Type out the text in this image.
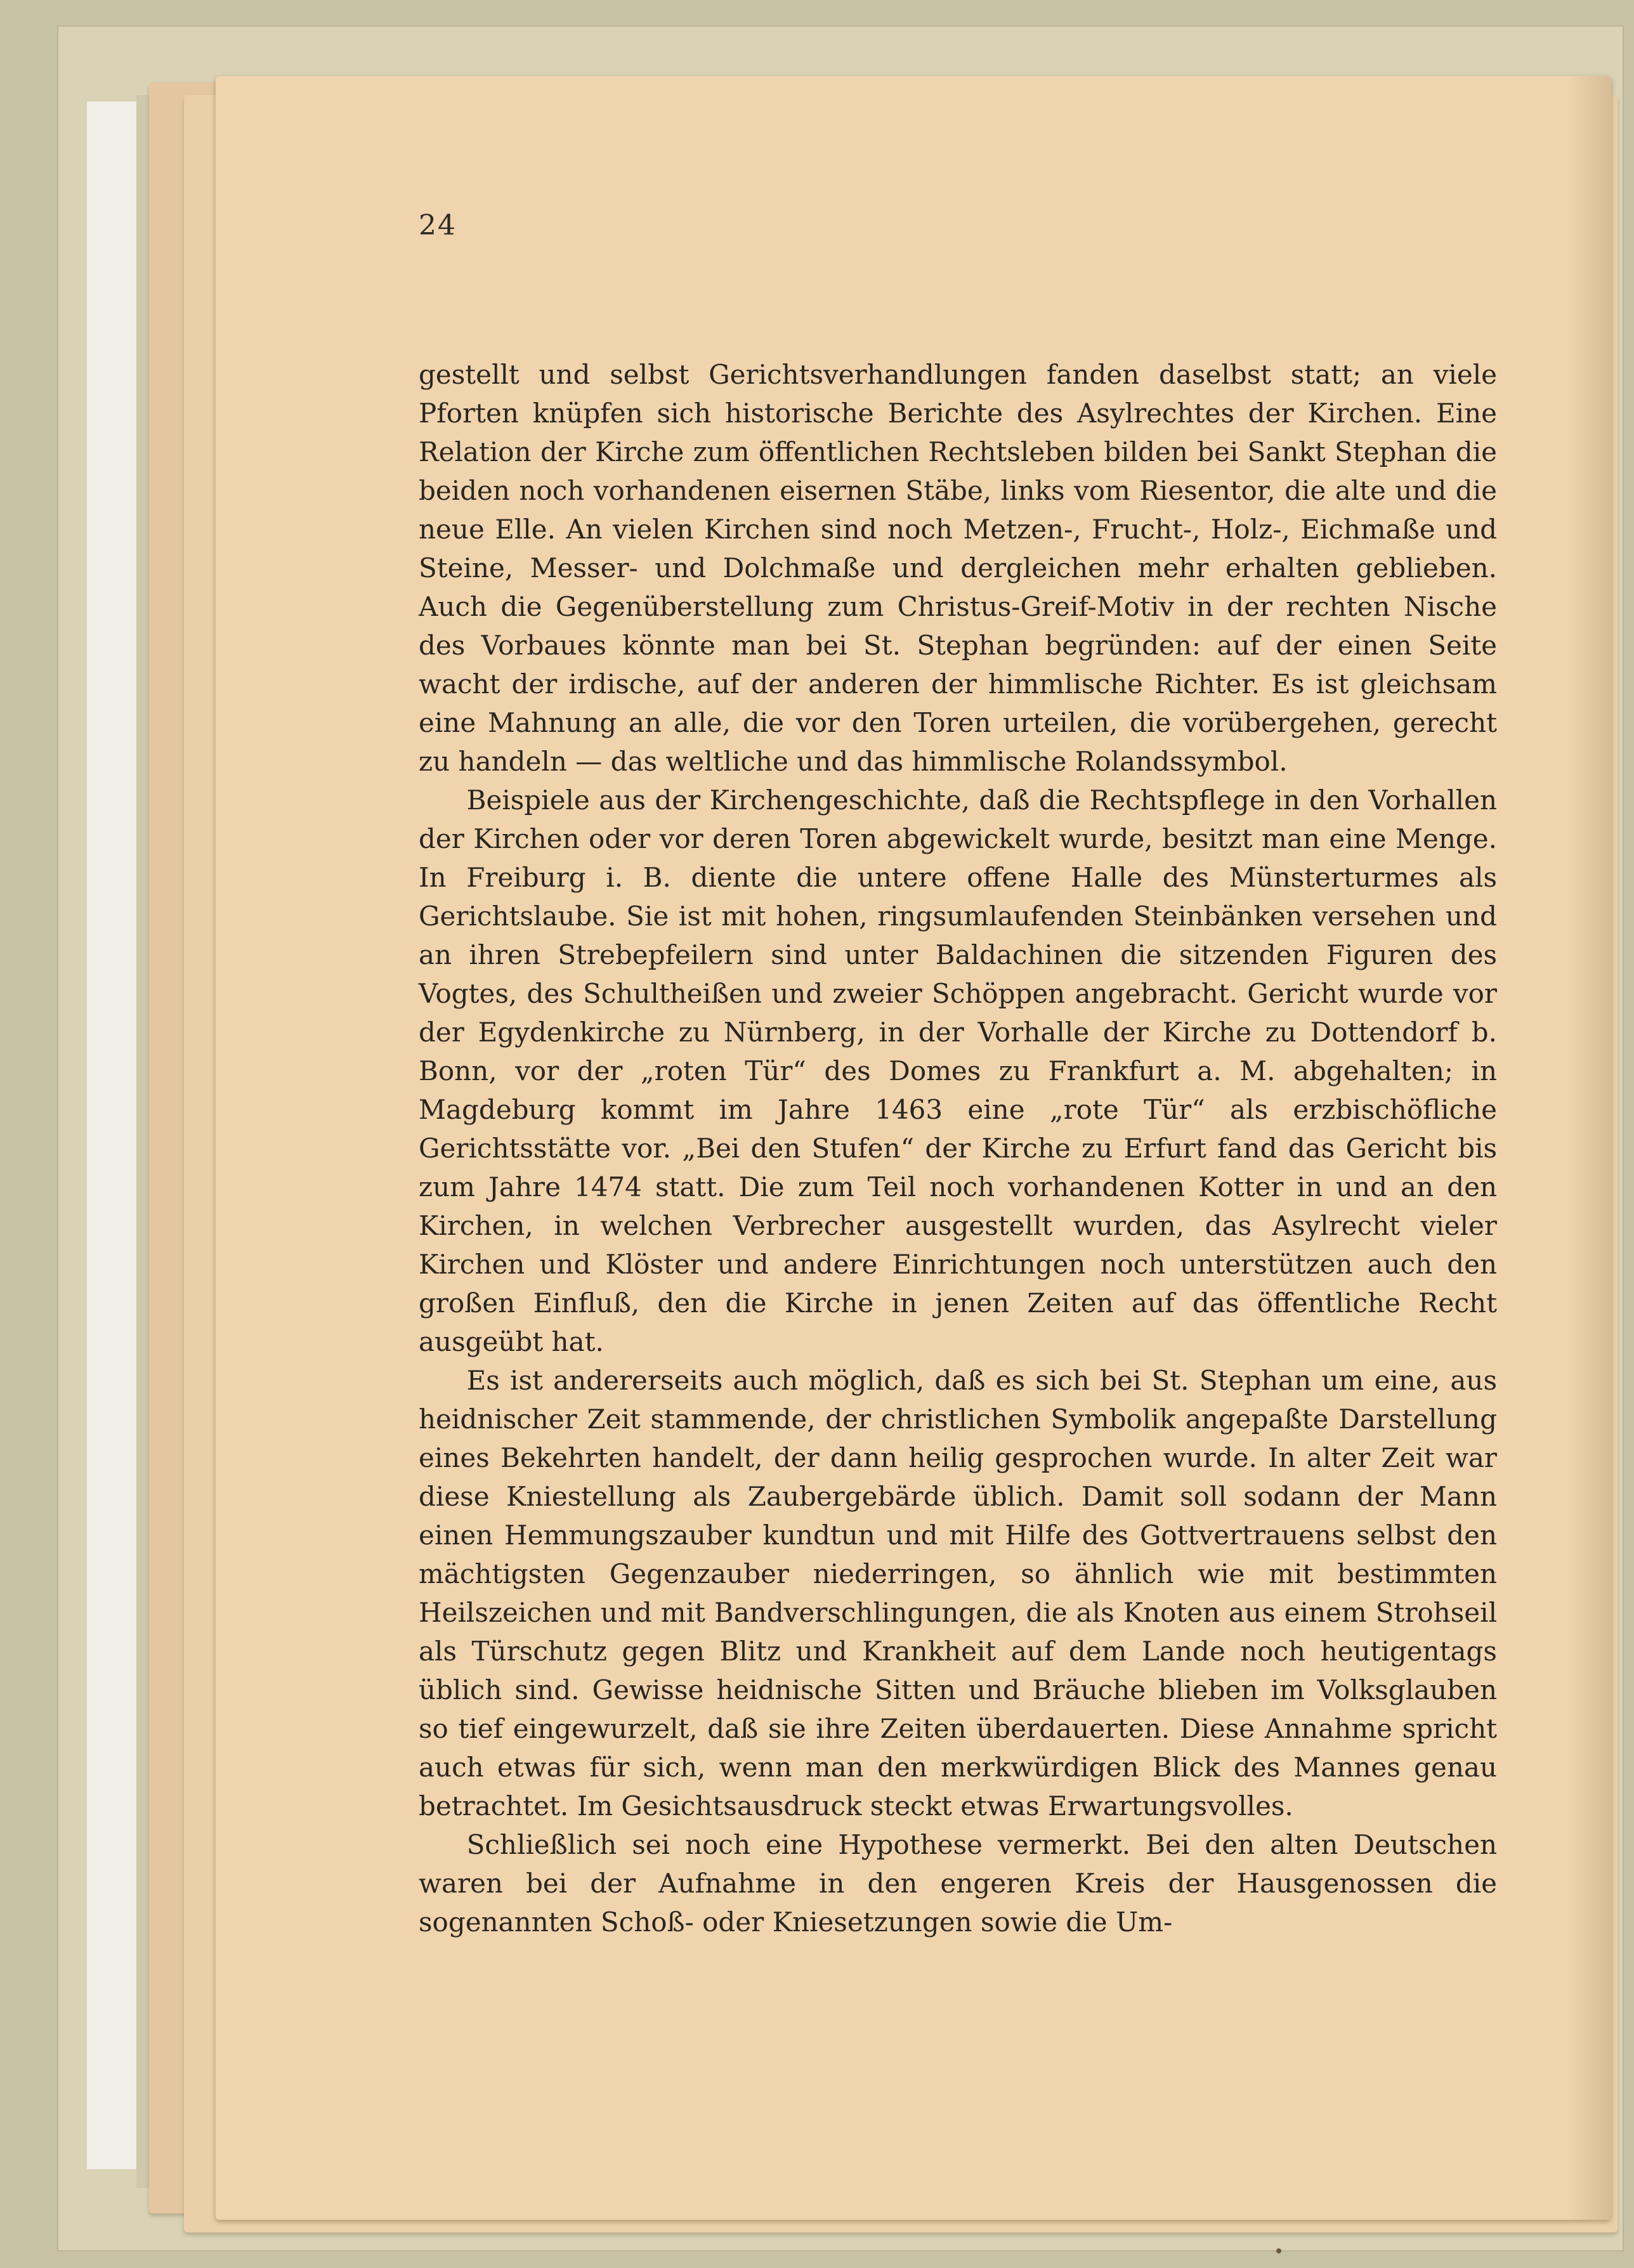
24

gestellt und selbst Gerichtsverhandlungen fanden daselbst statt; an viele Pforten knüpfen sich historische Berichte des Asylrechtes der Kirchen. Eine Relation der Kirche zum öffentlichen Rechtsleben bilden bei Sankt Stephan die beiden noch vorhandenen eisernen Stäbe, links vom Riesentor, die alte und die neue Elle. An vielen Kirchen sind noch Metzen-, Frucht-, Holz-, Eichmaße und Steine, Messer- und Dolchmaße und dergleichen mehr erhalten geblieben. Auch die Gegenüberstellung zum Christus-Greif-Motiv in der rechten Nische des Vorbaues könnte man bei St. Stephan begründen: auf der einen Seite wacht der irdische, auf der anderen der himmlische Richter. Es ist gleichsam eine Mahnung an alle, die vor den Toren urteilen, die vorübergehen, gerecht zu handeln — das weltliche und das himmlische Rolandssymbol.

Beispiele aus der Kirchengeschichte, daß die Rechtspflege in den Vorhallen der Kirchen oder vor deren Toren abgewickelt wurde, besitzt man eine Menge. In Freiburg i. B. diente die untere offene Halle des Münsterturmes als Gerichtslaube. Sie ist mit hohen, ringsumlaufenden Steinbänken versehen und an ihren Strebepfeilern sind unter Baldachinen die sitzenden Figuren des Vogtes, des Schultheißen und zweier Schöppen angebracht. Gericht wurde vor der Egydenkirche zu Nürnberg, in der Vorhalle der Kirche zu Dottendorf b. Bonn, vor der „roten Tür“ des Domes zu Frankfurt a. M. abgehalten; in Magdeburg kommt im Jahre 1463 eine „rote Tür“ als erzbischöfliche Gerichtsstätte vor. „Bei den Stufen“ der Kirche zu Erfurt fand das Gericht bis zum Jahre 1474 statt. Die zum Teil noch vorhandenen Kotter in und an den Kirchen, in welchen Verbrecher ausgestellt wurden, das Asylrecht vieler Kirchen und Klöster und andere Einrichtungen noch unterstützen auch den großen Einfluß, den die Kirche in jenen Zeiten auf das öffentliche Recht ausgeübt hat.

Es ist andererseits auch möglich, daß es sich bei St. Stephan um eine, aus heidnischer Zeit stammende, der christlichen Symbolik angepaßte Darstellung eines Bekehrten handelt, der dann heilig gesprochen wurde. In alter Zeit war diese Kniestellung als Zaubergebärde üblich. Damit soll sodann der Mann einen Hemmungszauber kundtun und mit Hilfe des Gottvertrauens selbst den mächtigsten Gegenzauber niederringen, so ähnlich wie mit bestimmten Heilszeichen und mit Bandverschlingungen, die als Knoten aus einem Strohseil als Türschutz gegen Blitz und Krankheit auf dem Lande noch heutigentags üblich sind. Gewisse heidnische Sitten und Bräuche blieben im Volksglauben so tief eingewurzelt, daß sie ihre Zeiten überdauerten. Diese Annahme spricht auch etwas für sich, wenn man den merkwürdigen Blick des Mannes genau betrachtet. Im Gesichtsausdruck steckt etwas Erwartungsvolles.

Schließlich sei noch eine Hypothese vermerkt. Bei den alten Deutschen waren bei der Aufnahme in den engeren Kreis der Hausgenossen die sogenannten Schoß- oder Kniesetzungen sowie die Um-
